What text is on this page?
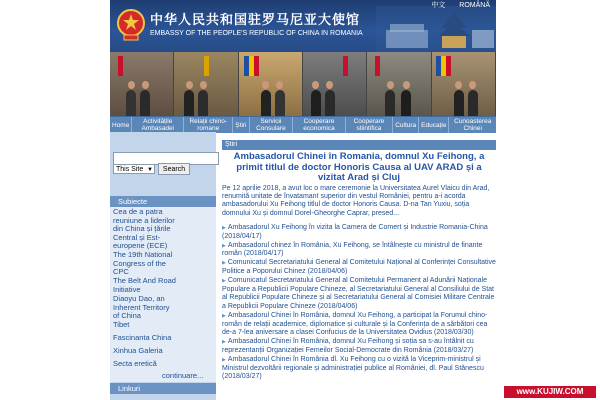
中华人民共和国驻罗马尼亚大使馆
EMBASSY OF THE PEOPLE'S REPUBLIC OF CHINA IN ROMANIA
中文 ROMÂNĂ
Home	Activitățile Ambasadei
Relații chino-romane	Știri	Servicii Consulare
Cooperare economica
Cooperare stiintifica	Cultura Educație	Cunoasterea Chinei
This Site ▼	Search
Subiecte
Cea de a patra reuniune a liderilor din China și țările Central și Est-europene (ECE)
The 19th National Congress of the CPC
The Belt And Road Initiative
Diaoyu Dao, an Inherent Territory of China
Tibet
Fascinanta China
Xinhua Galeria
Secta eretică
continuare...
Linkuri
Știri
Ambasadorul Chinei în Romania, domnul Xu Feihong, a primit titlul de doctor Honoris Causa al UAV ARAD și a vizitat Arad și Cluj
Pe 12 aprilie 2018, a avut loc o mare ceremonie la Universitatea Aurel Vlaicu din Arad, renumită unitate de învatamant superior din vestul României, pentru a-i acorda ambasadorului Xu Feihong titlul de doctor Honoris Causa. D-na Tan Yuxiu, soția domnului Xu și domnul Dorel-Gheorghe Caprar, presed...
▶ Ambasadorul Xu Feihong în vizita la Camera de Comert și Industrie Romania-China (2018/04/17)
▶ Ambasadorul chinez în România, Xu Feihong, se întâlnește cu ministrul de finante român (2018/04/17)
▶ Comunicatul Secretariatului General al Comitetului Național al Conferinței Consultative Politice a Poporului Chinez (2018/04/06)
▶ Comunicatul Secretariatului General al Comitetului Permanent al Adunării Naționale Populare a Republicii Populare Chineze, al Secretariatului General al Consiliului de Stat al Republicii Populare Chineze și al Secretariatului General al Comisiei Militare Centrale a Republicii Populare Chineze (2018/04/06)
▶ Ambasadorul Chinei în România, domnul Xu Feihong, a participat la Forumul chino-român de relații academice, diplomatice și culturale și la Conferința de a sărbători cea de-a 7-lea aniversare a clasei Confucius de la Universitatea Ovidius (2018/03/30)
▶ Ambasadorul Chinei în România, domnul Xu Feihong și soția sa s-au întâlnit cu reprezentanții Organizației Femeilor Social-Democrate din România (2018/03/27)
▶ Ambasadorul Chinei în România dl. Xu Feihong cu o vizită la Viceprim-ministrul și Ministrul dezvoltării regionale și administrației publice al României, dl. Paul Stănescu (2018/03/27)
www.KUJIW.COM
